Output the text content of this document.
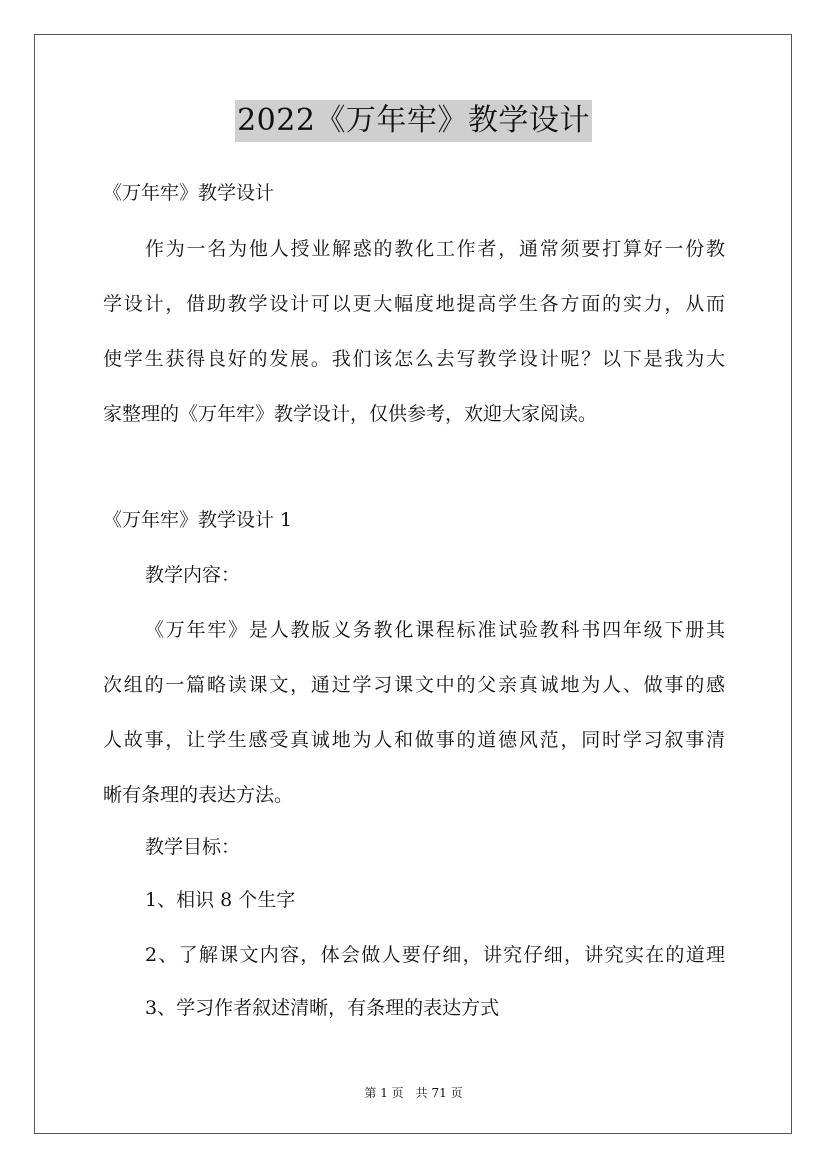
2022《万年牢》教学设计
《万年牢》教学设计
作为一名为他人授业解惑的教化工作者，通常须要打算好一份教
学设计，借助教学设计可以更大幅度地提高学生各方面的实力，从而
使学生获得良好的发展。我们该怎么去写教学设计呢？以下是我为大
家整理的《万年牢》教学设计，仅供参考，欢迎大家阅读。
《万年牢》教学设计 1
教学内容：
《万年牢》是人教版义务教化课程标准试验教科书四年级下册其
次组的一篇略读课文，通过学习课文中的父亲真诚地为人、做事的感
人故事，让学生感受真诚地为人和做事的道德风范，同时学习叙事清
晰有条理的表达方法。
教学目标：
1、相识 8 个生字
2、了解课文内容，体会做人要仔细，讲究仔细，讲究实在的道理
3、学习作者叙述清晰，有条理的表达方式
第 1 页　共 71 页
